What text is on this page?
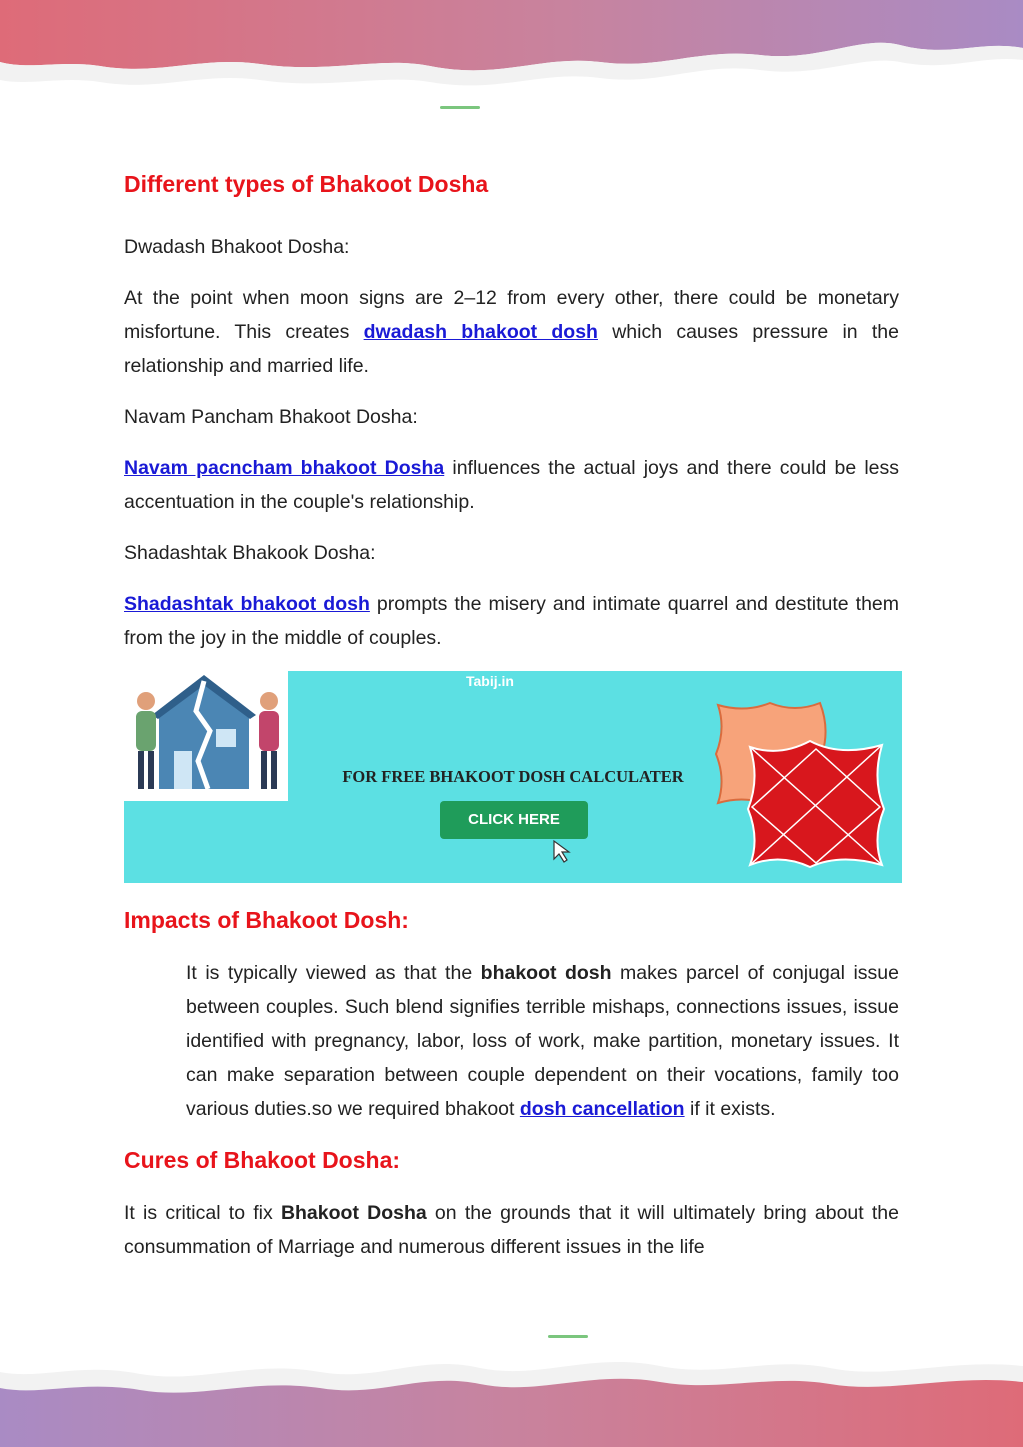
Different types of Bhakoot Dosha

Dwadash Bhakoot Dosha:

At the point when moon signs are 2–12 from every other, there could be monetary misfortune. This creates dwadash bhakoot dosh which causes pressure in the relationship and married life.

Navam Pancham Bhakoot Dosha:

Navam pacncham bhakoot Dosha influences the actual joys and there could be less accentuation in the couple's relationship.

Shadashtak Bhakook Dosha:

Shadashtak bhakoot dosh prompts the misery and intimate quarrel and destitute them from the joy in the middle of couples.

Tabij.in
FOR FREE BHAKOOT DOSH CALCULATER
CLICK HERE
Impacts of Bhakoot Dosh:

It is typically viewed as that the bhakoot dosh makes parcel of conjugal issue between couples. Such blend signifies terrible mishaps, connections issues, issue identified with pregnancy, labor, loss of work, make partition, monetary issues. It can make separation between couple dependent on their vocations, family too various duties.so we required bhakoot dosh cancellation if it exists.

Cures of Bhakoot Dosha:

It is critical to fix Bhakoot Dosha on the grounds that it will ultimately bring about the consummation of Marriage and numerous different issues in the life
